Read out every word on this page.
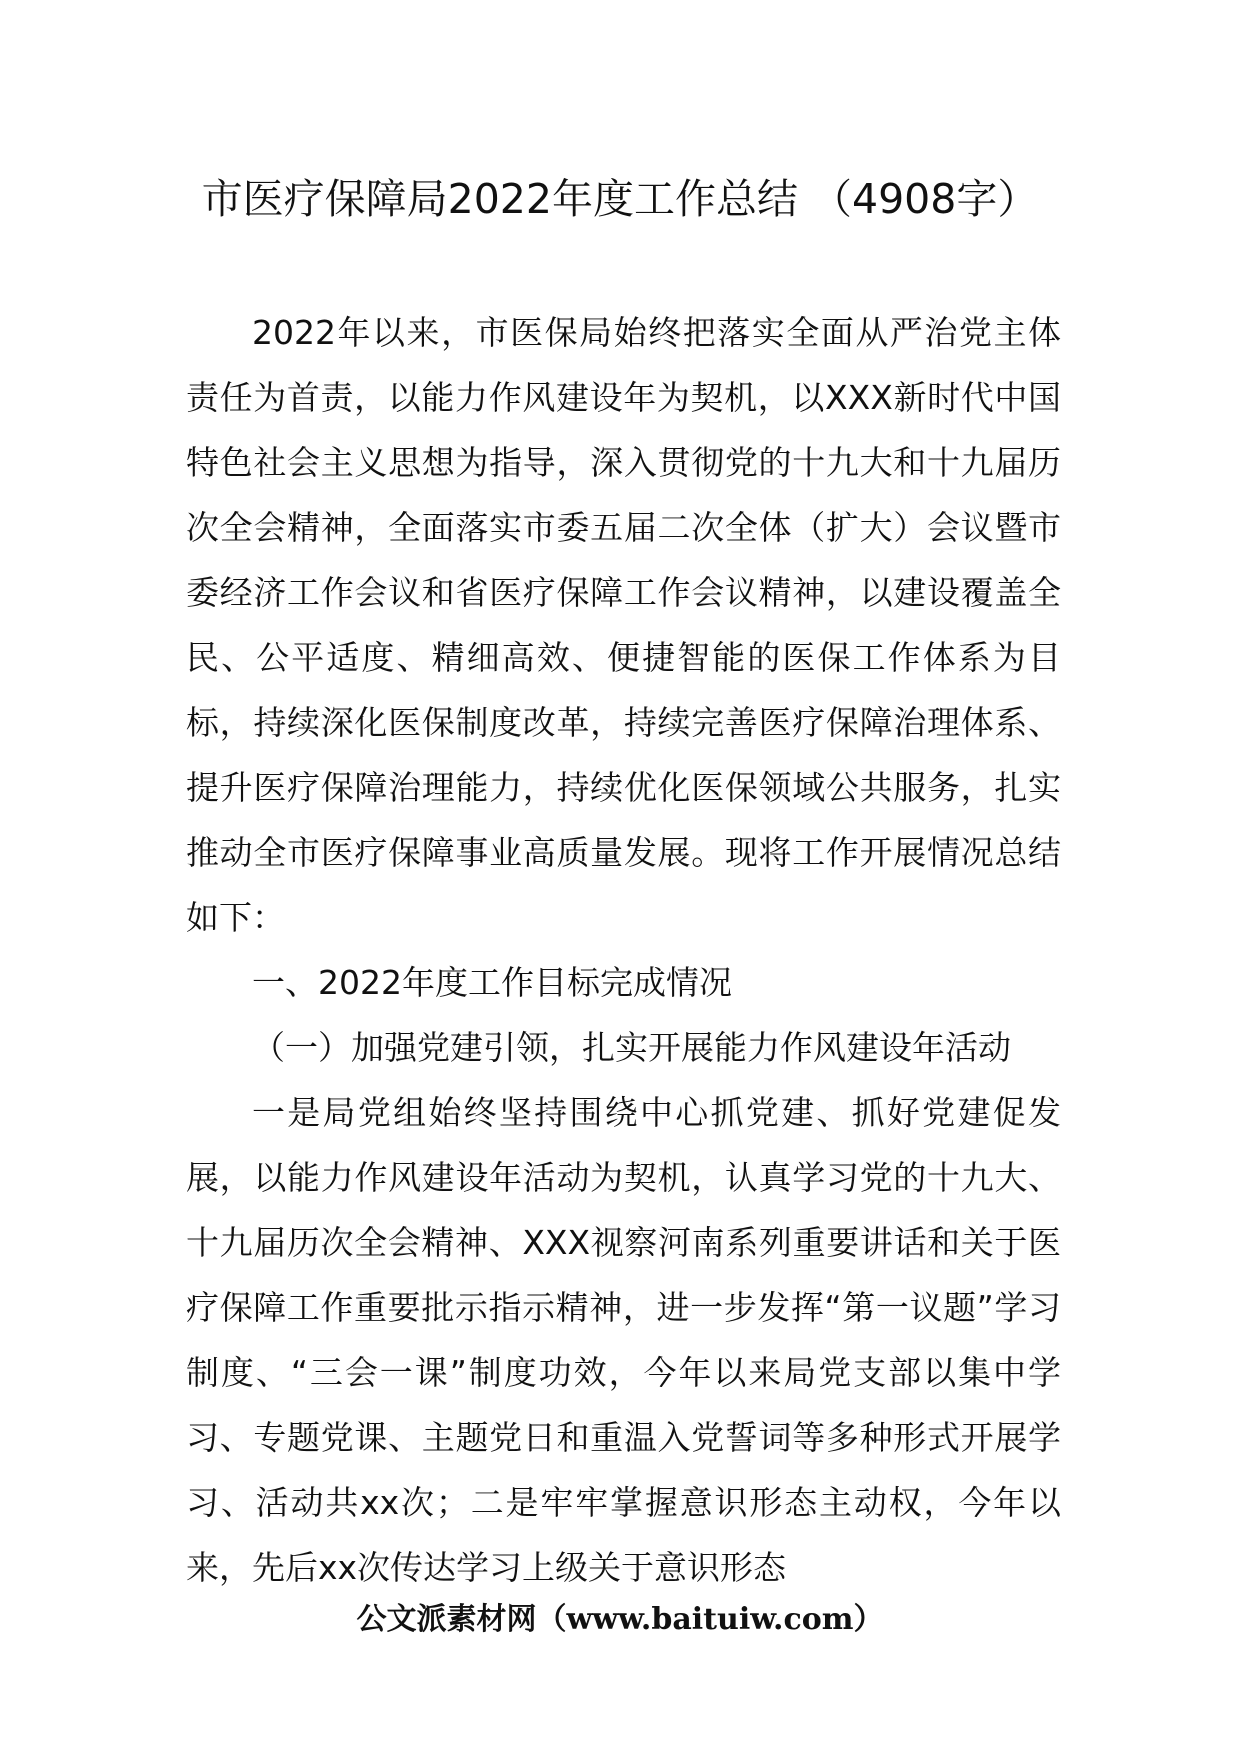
市医疗保障局2022年度工作总结 （4908字）

2022年以来，市医保局始终把落实全面从严治党主体责任为首责，以能力作风建设年为契机，以XXX新时代中国特色社会主义思想为指导，深入贯彻党的十九大和十九届历次全会精神，全面落实市委五届二次全体（扩大）会议暨市委经济工作会议和省医疗保障工作会议精神，以建设覆盖全民、公平适度、精细高效、便捷智能的医保工作体系为目标，持续深化医保制度改革，持续完善医疗保障治理体系、提升医疗保障治理能力，持续优化医保领域公共服务，扎实推动全市医疗保障事业高质量发展。现将工作开展情况总结如下：

一、2022年度工作目标完成情况

（一）加强党建引领，扎实开展能力作风建设年活动

一是局党组始终坚持围绕中心抓党建、抓好党建促发展，以能力作风建设年活动为契机，认真学习党的十九大、十九届历次全会精神、XXX视察河南系列重要讲话和关于医疗保障工作重要批示指示精神，进一步发挥“第一议题”学习制度、“三会一课”制度功效，今年以来局党支部以集中学习、专题党课、主题党日和重温入党誓词等多种形式开展学习、活动共xx次；二是牢牢掌握意识形态主动权，今年以来，先后xx次传达学习上级关于意识形态

公文派素材网（www.baituiw.com）
